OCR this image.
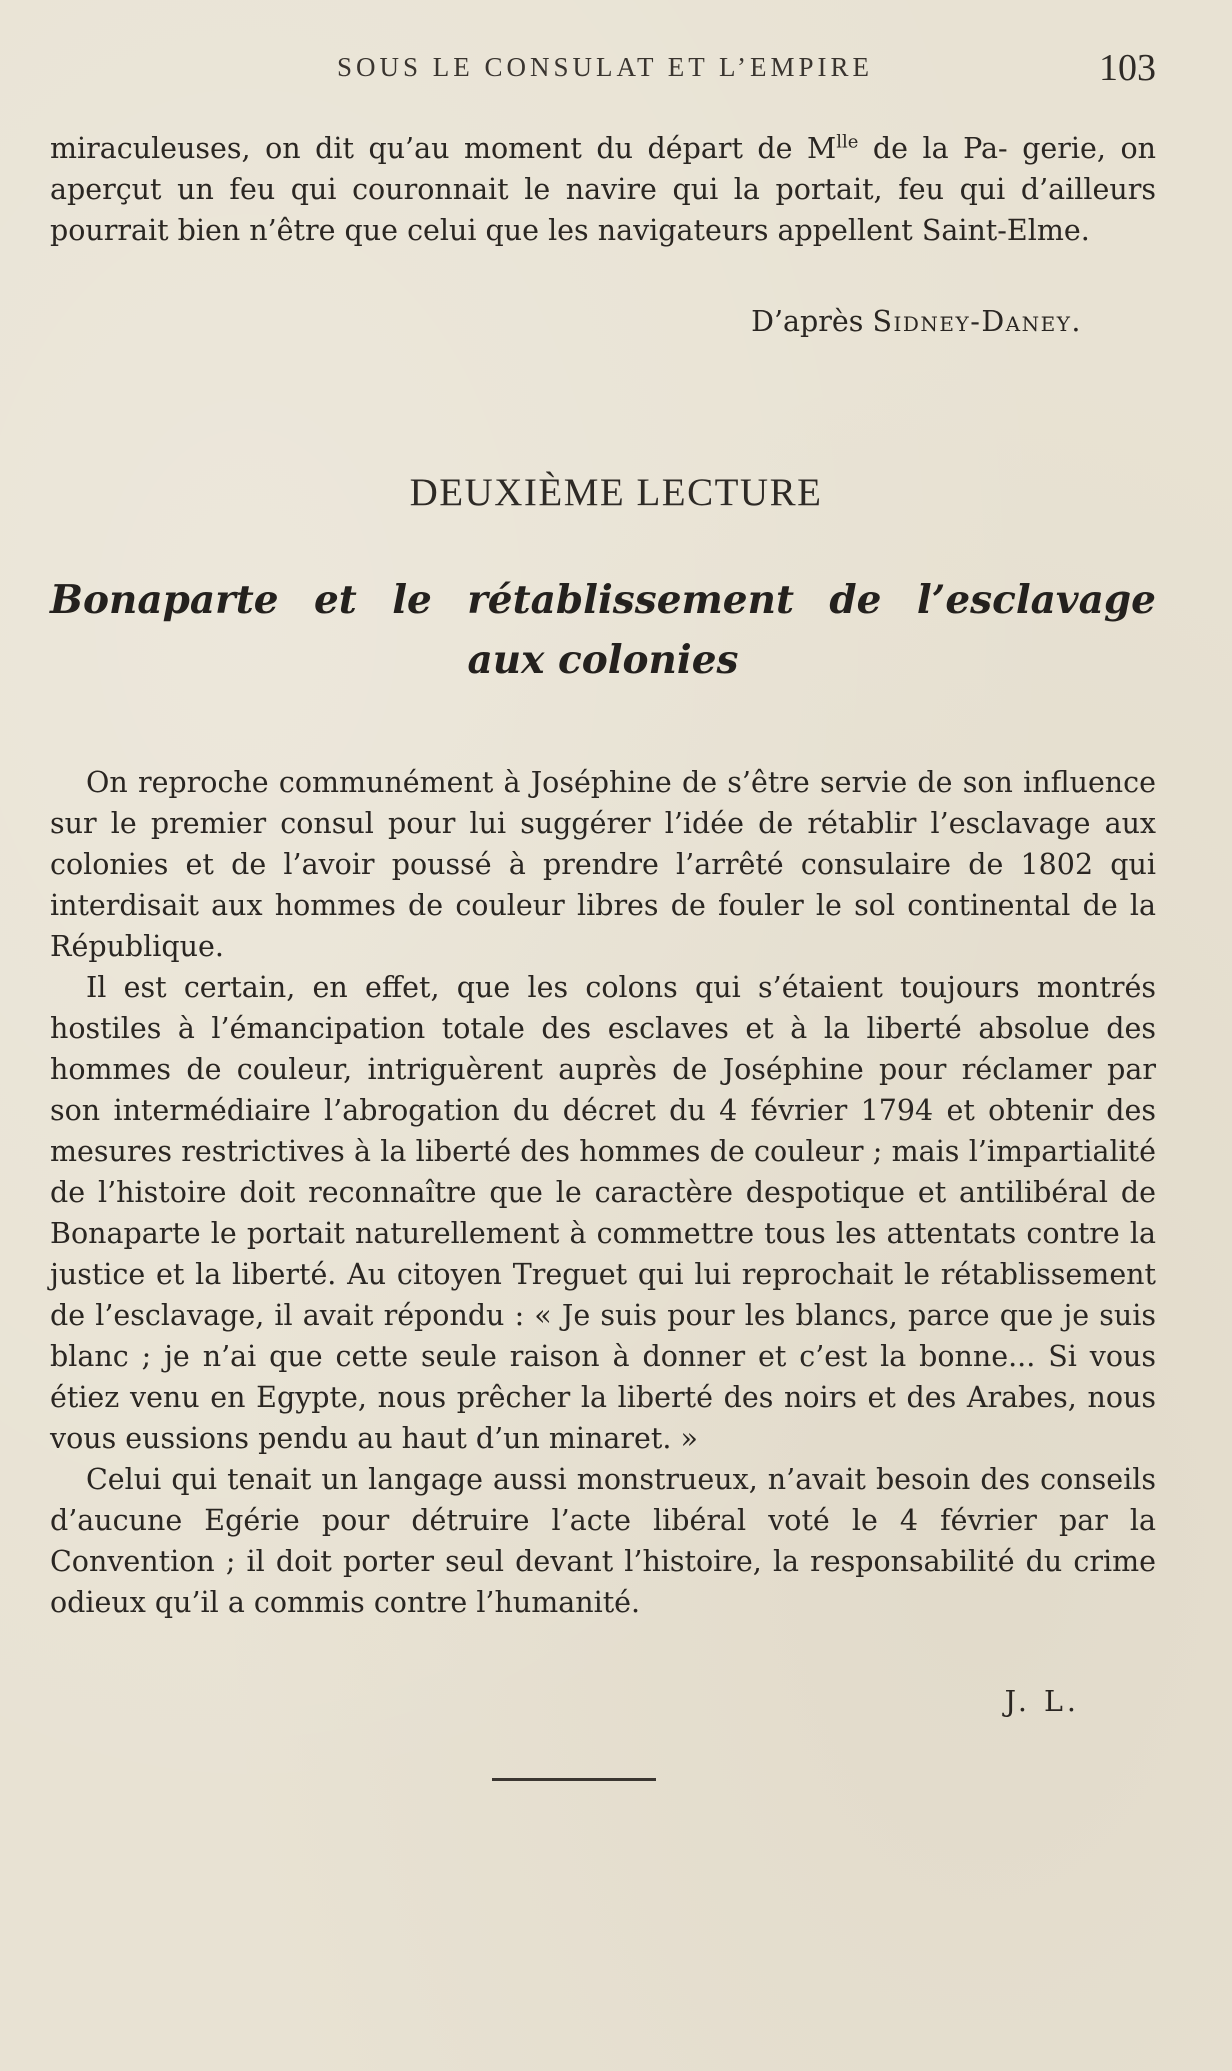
SOUS LE CONSULAT ET L’EMPIRE	103

miraculeuses, on dit qu’au moment du départ de $M^{lle}$ de la Pa- gerie, on aperçut un feu qui couronnait le navire qui la portait, feu qui d’ailleurs pourrait bien n’être que celui que les navigateurs appellent Saint-Elme.

D’après Sidney-Daney.
DEUXIÈME LECTURE
Bonaparte et le rétablissement de l’esclavage
aux colonies

On reproche communément à Joséphine de s’être servie de son influence sur le premier consul pour lui suggérer l’idée de rétablir l’esclavage aux colonies et de l’avoir poussé à prendre l’arrêté consulaire de 1802 qui interdisait aux hommes de couleur libres de fouler le sol continental de la République.

Il est certain, en effet, que les colons qui s’étaient toujours montrés hostiles à l’émancipation totale des esclaves et à la liberté absolue des hommes de couleur, intriguèrent auprès de Joséphine pour réclamer par son intermédiaire l’abrogation du décret du 4 février 1794 et obtenir des mesures restrictives à la liberté des hommes de couleur ; mais l’impartialité de l’histoire doit reconnaître que le caractère despotique et antilibéral de Bonaparte le portait naturellement à commettre tous les attentats contre la justice et la liberté. Au citoyen Treguet qui lui reprochait le rétablissement de l’esclavage, il avait répondu : « Je suis pour les blancs, parce que je suis blanc ; je n’ai que cette seule raison à donner et c’est la bonne... Si vous étiez venu en Egypte, nous prêcher la liberté des noirs et des Arabes, nous vous eussions pendu au haut d’un minaret. »

Celui qui tenait un langage aussi monstrueux, n’avait besoin des conseils d’aucune Egérie pour détruire l’acte libéral voté le 4 février par la Convention ; il doit porter seul devant l’histoire, la responsabilité du crime odieux qu’il a commis contre l’humanité.

J. L.
